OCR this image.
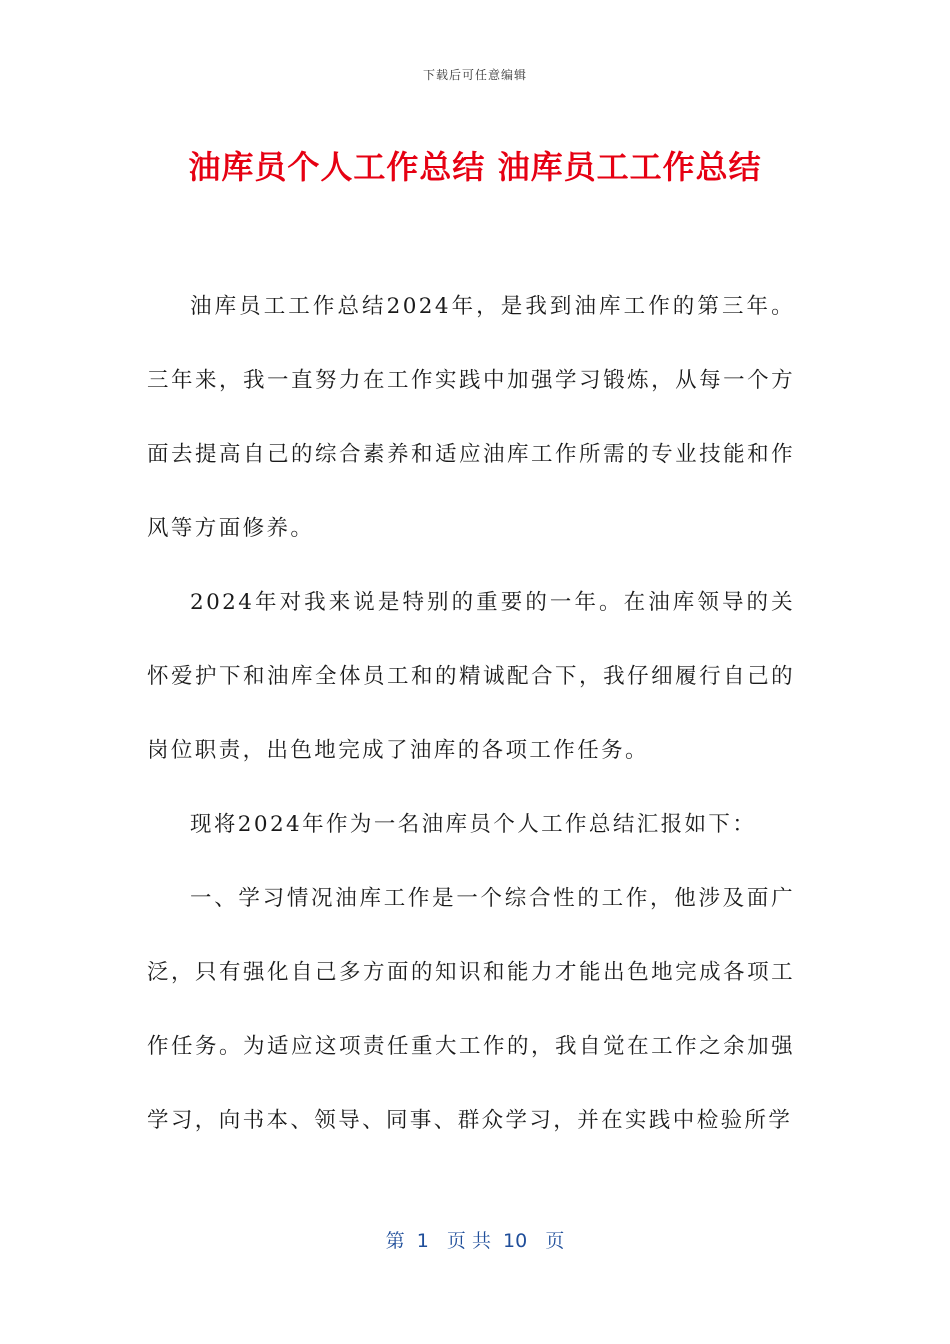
下载后可任意编辑
油库员个人工作总结 油库员工工作总结

油库员工工作总结2024年，是我到油库工作的第三年。三年来，我一直努力在工作实践中加强学习锻炼，从每一个方面去提高自己的综合素养和适应油库工作所需的专业技能和作风等方面修养。

2024年对我来说是特别的重要的一年。在油库领导的关怀爱护下和油库全体员工和的精诚配合下，我仔细履行自己的岗位职责，出色地完成了油库的各项工作任务。

现将2024年作为一名油库员个人工作总结汇报如下：

一、学习情况油库工作是一个综合性的工作，他涉及面广泛，只有强化自己多方面的知识和能力才能出色地完成各项工作任务。为适应这项责任重大工作的，我自觉在工作之余加强学习，向书本、领导、同事、群众学习，并在实践中检验所学

第  1   页 共  10   页
